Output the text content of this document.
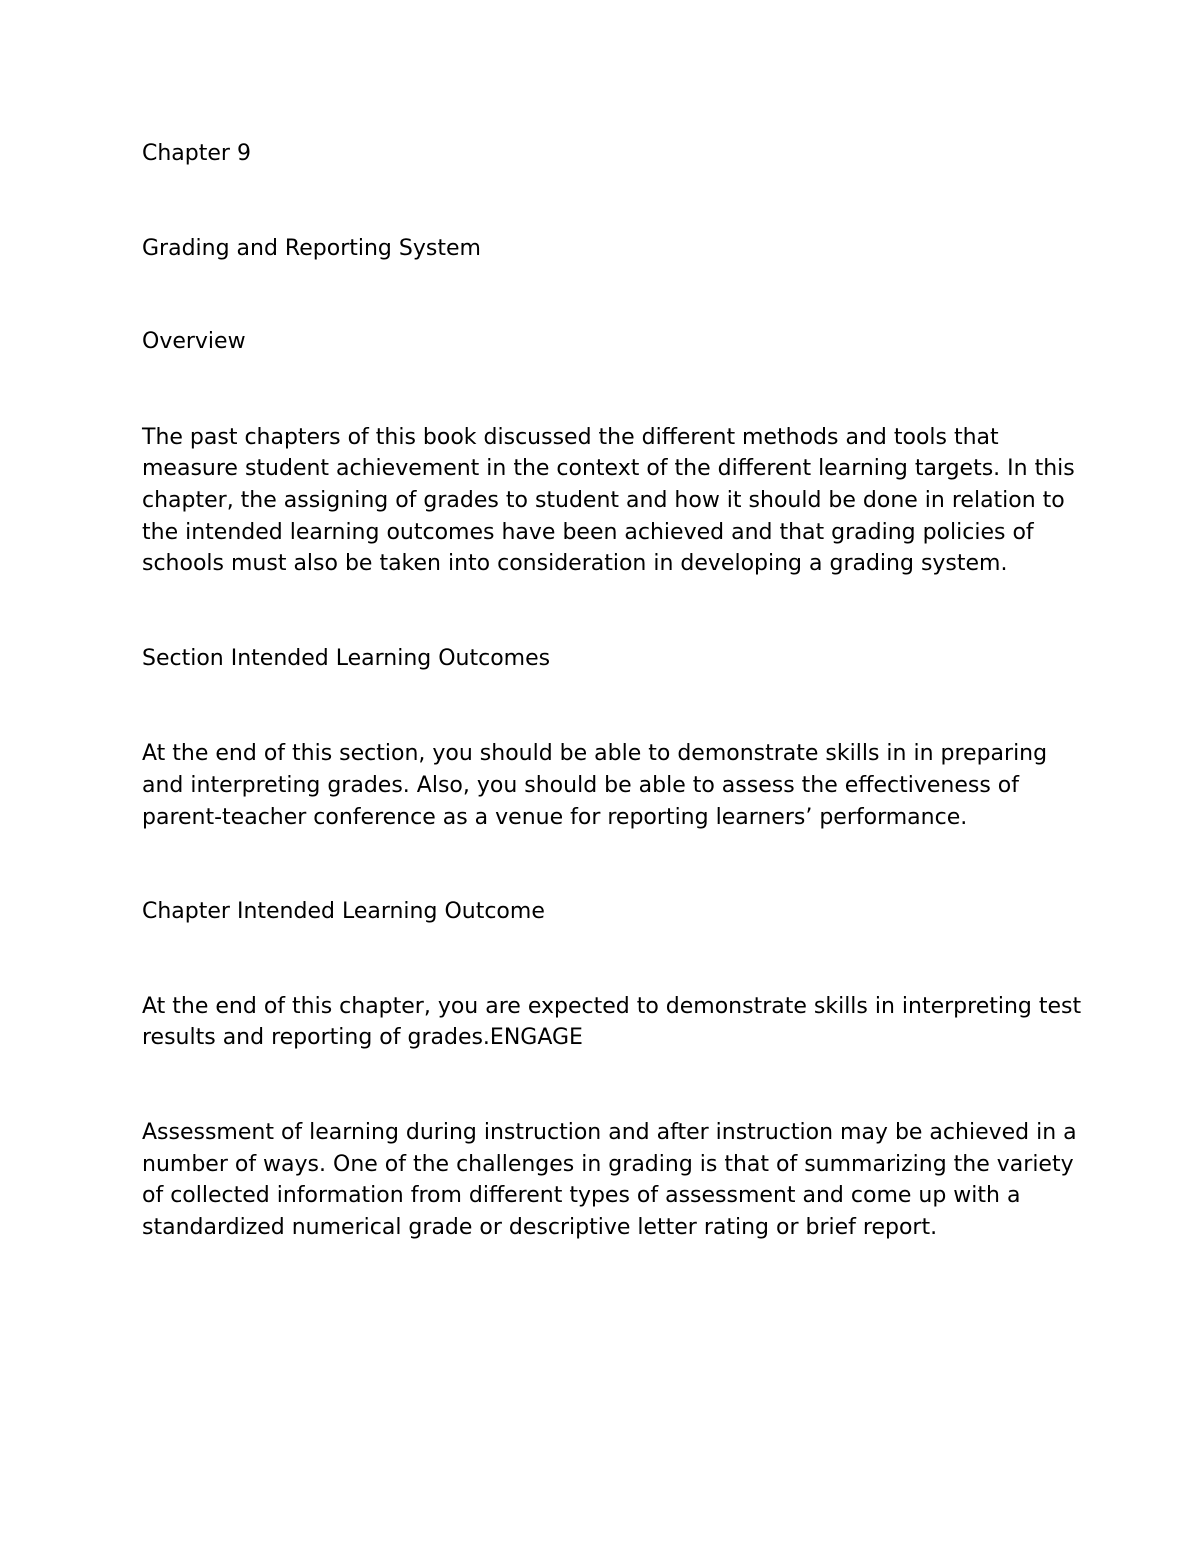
Chapter 9

Grading and Reporting System

Overview

The past chapters of this book discussed the different methods and tools that measure student achievement in the context of the different learning targets. In this chapter, the assigning of grades to student and how it should be done in relation to the intended learning outcomes have been achieved and that grading policies of schools must also be taken into consideration in developing a grading system.

Section Intended Learning Outcomes

At the end of this section, you should be able to demonstrate skills in in preparing and interpreting grades. Also, you should be able to assess the effectiveness of parent-teacher conference as a venue for reporting learners’ performance.

Chapter Intended Learning Outcome

At the end of this chapter, you are expected to demonstrate skills in interpreting test results and reporting of grades.ENGAGE

Assessment of learning during instruction and after instruction may be achieved in a number of ways. One of the challenges in grading is that of summarizing the variety of collected information from different types of assessment and come up with a standardized numerical grade or descriptive letter rating or brief report.
